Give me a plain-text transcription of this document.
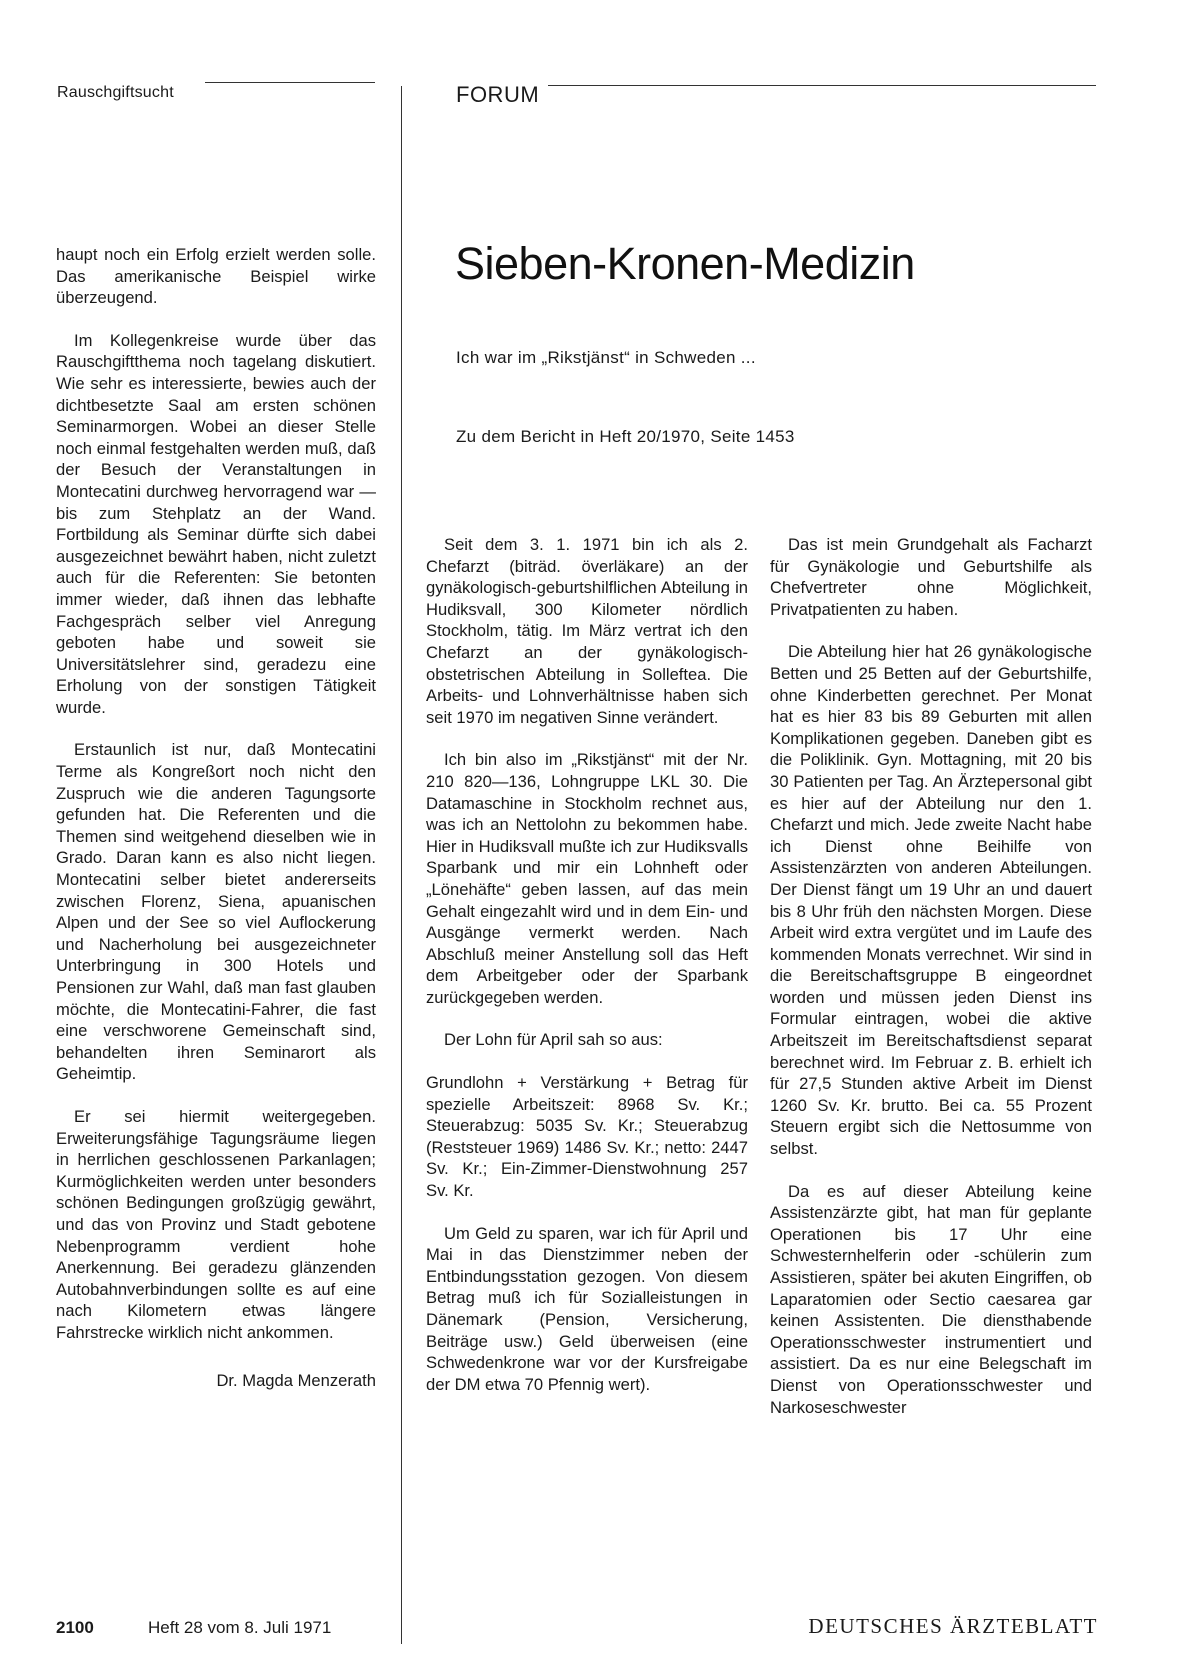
Rauschgiftsucht	FORUM

haupt noch ein Erfolg erzielt werden solle. Das amerikanische Beispiel wirke überzeugend.

Im Kollegenkreise wurde über das Rauschgiftthema noch tagelang diskutiert. Wie sehr es interessierte, bewies auch der dichtbesetzte Saal am ersten schönen Seminarmorgen. Wobei an dieser Stelle noch einmal festgehalten werden muß, daß der Besuch der Veranstaltungen in Montecatini durchweg hervorragend war — bis zum Stehplatz an der Wand. Fortbildung als Seminar dürfte sich dabei ausgezeichnet bewährt haben, nicht zuletzt auch für die Referenten: Sie betonten immer wieder, daß ihnen das lebhafte Fachgespräch selber viel Anregung geboten habe und soweit sie Universitätslehrer sind, geradezu eine Erholung von der sonstigen Tätigkeit wurde.

Erstaunlich ist nur, daß Montecatini Terme als Kongreßort noch nicht den Zuspruch wie die anderen Tagungsorte gefunden hat. Die Referenten und die Themen sind weitgehend dieselben wie in Grado. Daran kann es also nicht liegen. Montecatini selber bietet andererseits zwischen Florenz, Siena, apuanischen Alpen und der See so viel Auflockerung und Nacherholung bei ausgezeichneter Unterbringung in 300 Hotels und Pensionen zur Wahl, daß man fast glauben möchte, die Montecatini-Fahrer, die fast eine verschworene Gemeinschaft sind, behandelten ihren Seminarort als Geheimtip.

Er sei hiermit weitergegeben. Erweiterungsfähige Tagungsräume liegen in herrlichen geschlossenen Parkanlagen; Kurmöglichkeiten werden unter besonders schönen Bedingungen großzügig gewährt, und das von Provinz und Stadt gebotene Nebenprogramm verdient hohe Anerkennung. Bei geradezu glänzenden Autobahnverbindungen sollte es auf eine nach Kilometern etwas längere Fahrstrecke wirklich nicht ankommen.

Dr. Magda Menzerath
Sieben-Kronen-Medizin
Ich war im „Rikstjänst“ in Schweden ...
Zu dem Bericht in Heft 20/1970, Seite 1453

Seit dem 3. 1. 1971 bin ich als 2. Chefarzt (biträd. överläkare) an der gynäkologisch-geburtshilflichen Abteilung in Hudiksvall, 300 Kilometer nördlich Stockholm, tätig. Im März vertrat ich den Chefarzt an der gynäkologisch-obstetrischen Abteilung in Solleftea. Die Arbeits- und Lohnverhältnisse haben sich seit 1970 im negativen Sinne verändert.

Ich bin also im „Rikstjänst“ mit der Nr. 210 820—136, Lohngruppe LKL 30. Die Datamaschine in Stockholm rechnet aus, was ich an Nettolohn zu bekommen habe. Hier in Hudiksvall mußte ich zur Hudiksvalls Sparbank und mir ein Lohnheft oder „Lönehäfte“ geben lassen, auf das mein Gehalt eingezahlt wird und in dem Ein- und Ausgänge vermerkt werden. Nach Abschluß meiner Anstellung soll das Heft dem Arbeitgeber oder der Sparbank zurückgegeben werden.

Der Lohn für April sah so aus:

Grundlohn + Verstärkung + Betrag für spezielle Arbeitszeit: 8968 Sv. Kr.; Steuerabzug: 5035 Sv. Kr.; Steuerabzug (Reststeuer 1969) 1486 Sv. Kr.; netto: 2447 Sv. Kr.; Ein-Zimmer-Dienstwohnung 257 Sv. Kr.

Um Geld zu sparen, war ich für April und Mai in das Dienstzimmer neben der Entbindungsstation gezogen. Von diesem Betrag muß ich für Sozialleistungen in Dänemark (Pension, Versicherung, Beiträge usw.) Geld überweisen (eine Schwedenkrone war vor der Kursfreigabe der DM etwa 70 Pfennig wert).

Das ist mein Grundgehalt als Facharzt für Gynäkologie und Geburtshilfe als Chefvertreter ohne Möglichkeit, Privatpatienten zu haben.

Die Abteilung hier hat 26 gynäkologische Betten und 25 Betten auf der Geburtshilfe, ohne Kinderbetten gerechnet. Per Monat hat es hier 83 bis 89 Geburten mit allen Komplikationen gegeben. Daneben gibt es die Poliklinik. Gyn. Mottagning, mit 20 bis 30 Patienten per Tag. An Ärztepersonal gibt es hier auf der Abteilung nur den 1. Chefarzt und mich. Jede zweite Nacht habe ich Dienst ohne Beihilfe von Assistenzärzten von anderen Abteilungen. Der Dienst fängt um 19 Uhr an und dauert bis 8 Uhr früh den nächsten Morgen. Diese Arbeit wird extra vergütet und im Laufe des kommenden Monats verrechnet. Wir sind in die Bereitschaftsgruppe B eingeordnet worden und müssen jeden Dienst ins Formular eintragen, wobei die aktive Arbeitszeit im Bereitschaftsdienst separat berechnet wird. Im Februar z. B. erhielt ich für 27,5 Stunden aktive Arbeit im Dienst 1260 Sv. Kr. brutto. Bei ca. 55 Prozent Steuern ergibt sich die Nettosumme von selbst.

Da es auf dieser Abteilung keine Assistenzärzte gibt, hat man für geplante Operationen bis 17 Uhr eine Schwesternhelferin oder -schülerin zum Assistieren, später bei akuten Eingriffen, ob Laparatomien oder Sectio caesarea gar keinen Assistenten. Die diensthabende Operationsschwester instrumentiert und assistiert. Da es nur eine Belegschaft im Dienst von Operationsschwester und Narkoseschwester

2100	Heft 28 vom 8. Juli 1971	DEUTSCHES ÄRZTEBLATT
